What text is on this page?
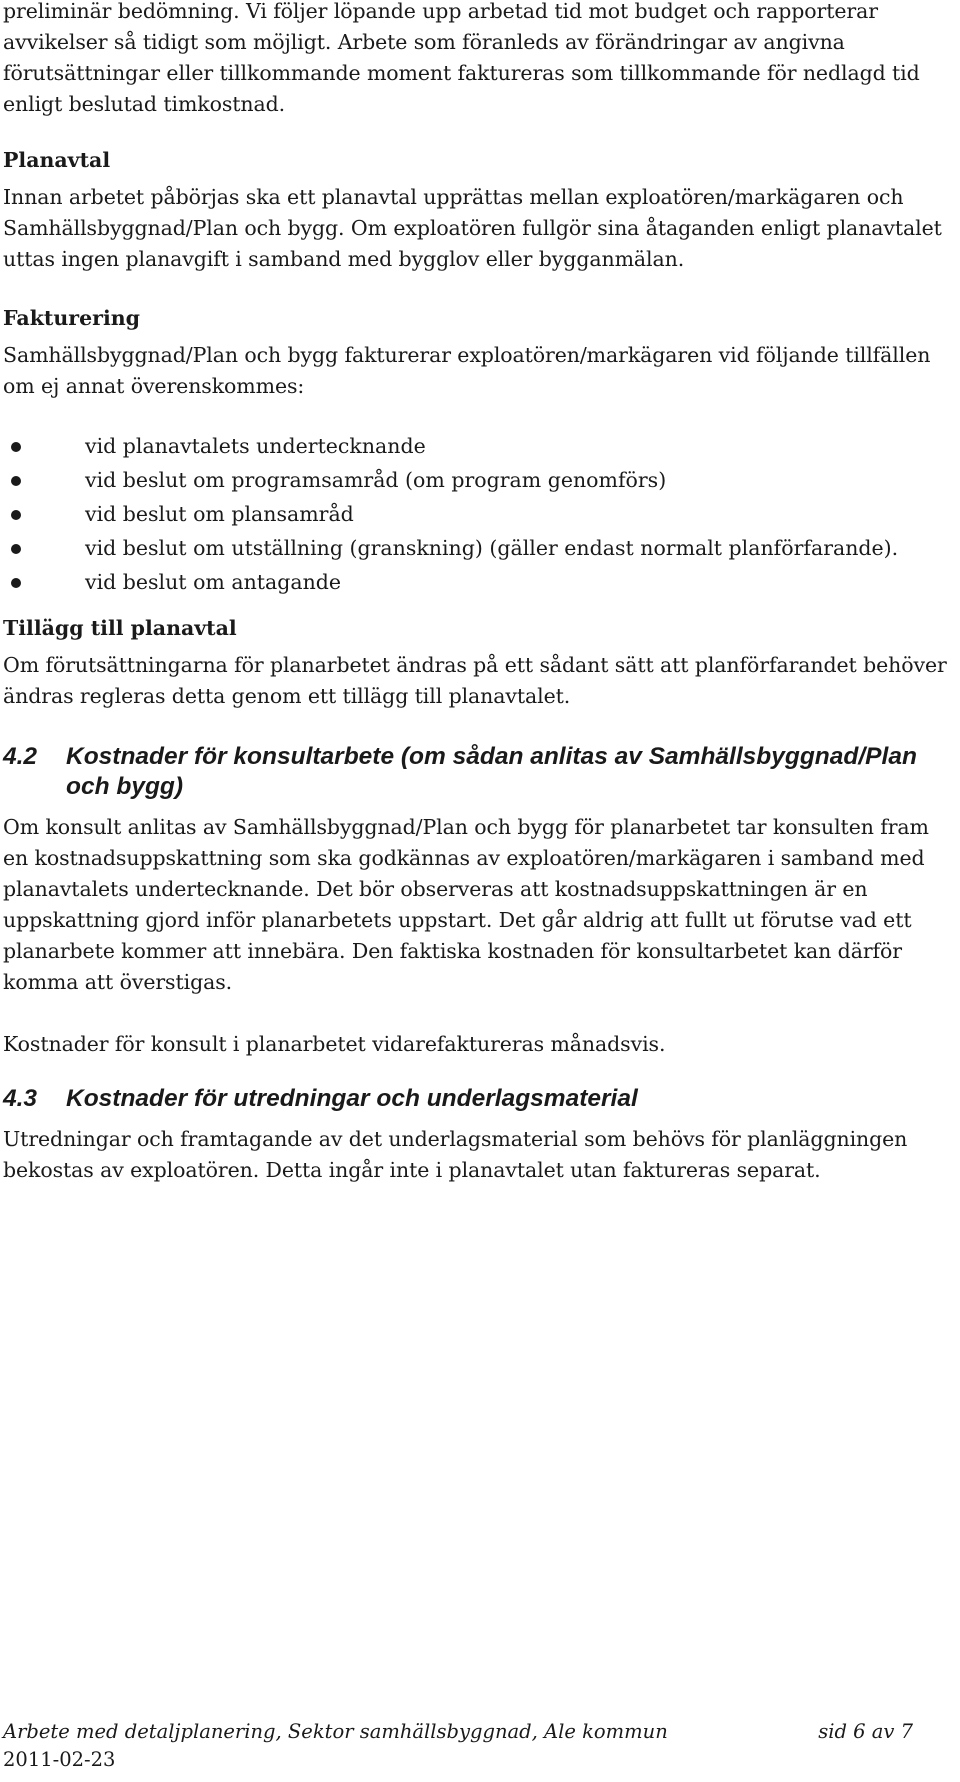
preliminär bedömning. Vi följer löpande upp arbetad tid mot budget och rapporterar avvikelser så tidigt som möjligt. Arbete som föranleds av förändringar av angivna förutsättningar eller tillkommande moment faktureras som tillkommande för nedlagd tid enligt beslutad timkostnad.

Planavtal

Innan arbetet påbörjas ska ett planavtal upprättas mellan exploatören/markägaren och Samhällsbyggnad/Plan och bygg. Om exploatören fullgör sina åtaganden enligt planavtalet uttas ingen planavgift i samband med bygglov eller bygganmälan.

Fakturering

Samhällsbyggnad/Plan och bygg fakturerar exploatören/markägaren vid följande tillfällen om ej annat överenskommes:

vid planavtalets undertecknande
vid beslut om programsamråd (om program genomförs)
vid beslut om plansamråd
vid beslut om utställning (granskning) (gäller endast normalt planförfarande).
vid beslut om antagande
Tillägg till planavtal

Om förutsättningarna för planarbetet ändras på ett sådant sätt att planförfarandet behöver ändras regleras detta genom ett tillägg till planavtalet.

4.2 Kostnader för konsultarbete (om sådan anlitas av Samhällsbyggnad/Plan och bygg)

Om konsult anlitas av Samhällsbyggnad/Plan och bygg för planarbetet tar konsulten fram en kostnadsuppskattning som ska godkännas av exploatören/markägaren i samband med planavtalets undertecknande. Det bör observeras att kostnadsuppskattningen är en uppskattning gjord inför planarbetets uppstart. Det går aldrig att fullt ut förutse vad ett planarbete kommer att innebära. Den faktiska kostnaden för konsultarbetet kan därför komma att överstigas.

Kostnader för konsult i planarbetet vidarefaktureras månadsvis.

4.3 Kostnader för utredningar och underlagsmaterial

Utredningar och framtagande av det underlagsmaterial som behövs för planläggningen bekostas av exploatören. Detta ingår inte i planavtalet utan faktureras separat.

Arbete med detaljplanering, Sektor samhällsbyggnad, Ale kommun	sid 6 av 7
2011-02-23
